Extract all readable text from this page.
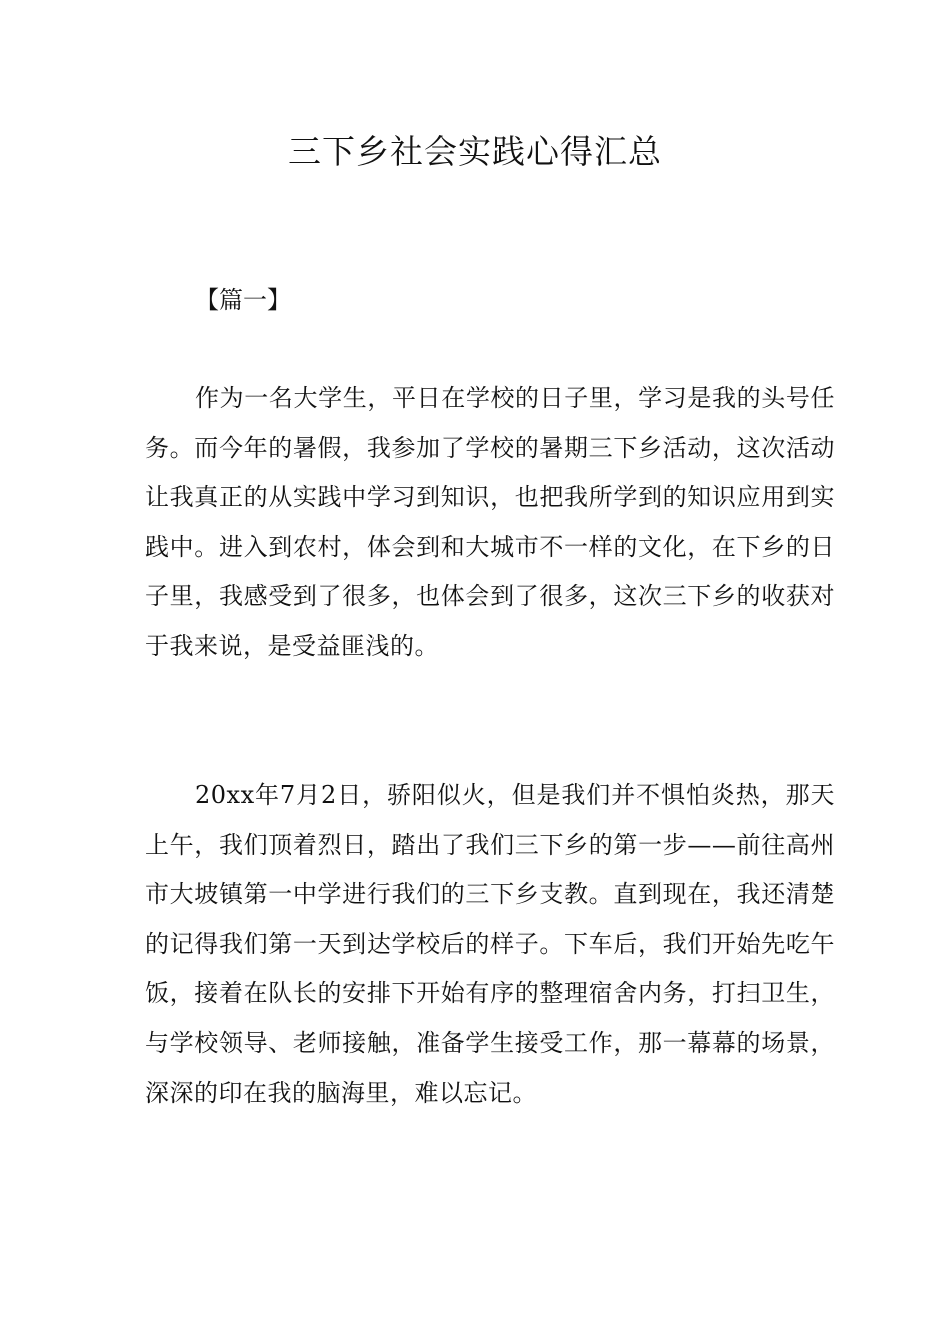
三下乡社会实践心得汇总
【篇一】

作为一名大学生，平日在学校的日子里，学习是我的头号任务。而今年的暑假，我参加了学校的暑期三下乡活动，这次活动让我真正的从实践中学习到知识，也把我所学到的知识应用到实践中。进入到农村，体会到和大城市不一样的文化，在下乡的日子里，我感受到了很多，也体会到了很多，这次三下乡的收获对于我来说，是受益匪浅的。

20xx年7月2日，骄阳似火，但是我们并不惧怕炎热，那天上午，我们顶着烈日，踏出了我们三下乡的第一步——前往高州市大坡镇第一中学进行我们的三下乡支教。直到现在，我还清楚的记得我们第一天到达学校后的样子。下车后，我们开始先吃午饭，接着在队长的安排下开始有序的整理宿舍内务，打扫卫生，与学校领导、老师接触，准备学生接受工作，那一幕幕的场景，深深的印在我的脑海里，难以忘记。
